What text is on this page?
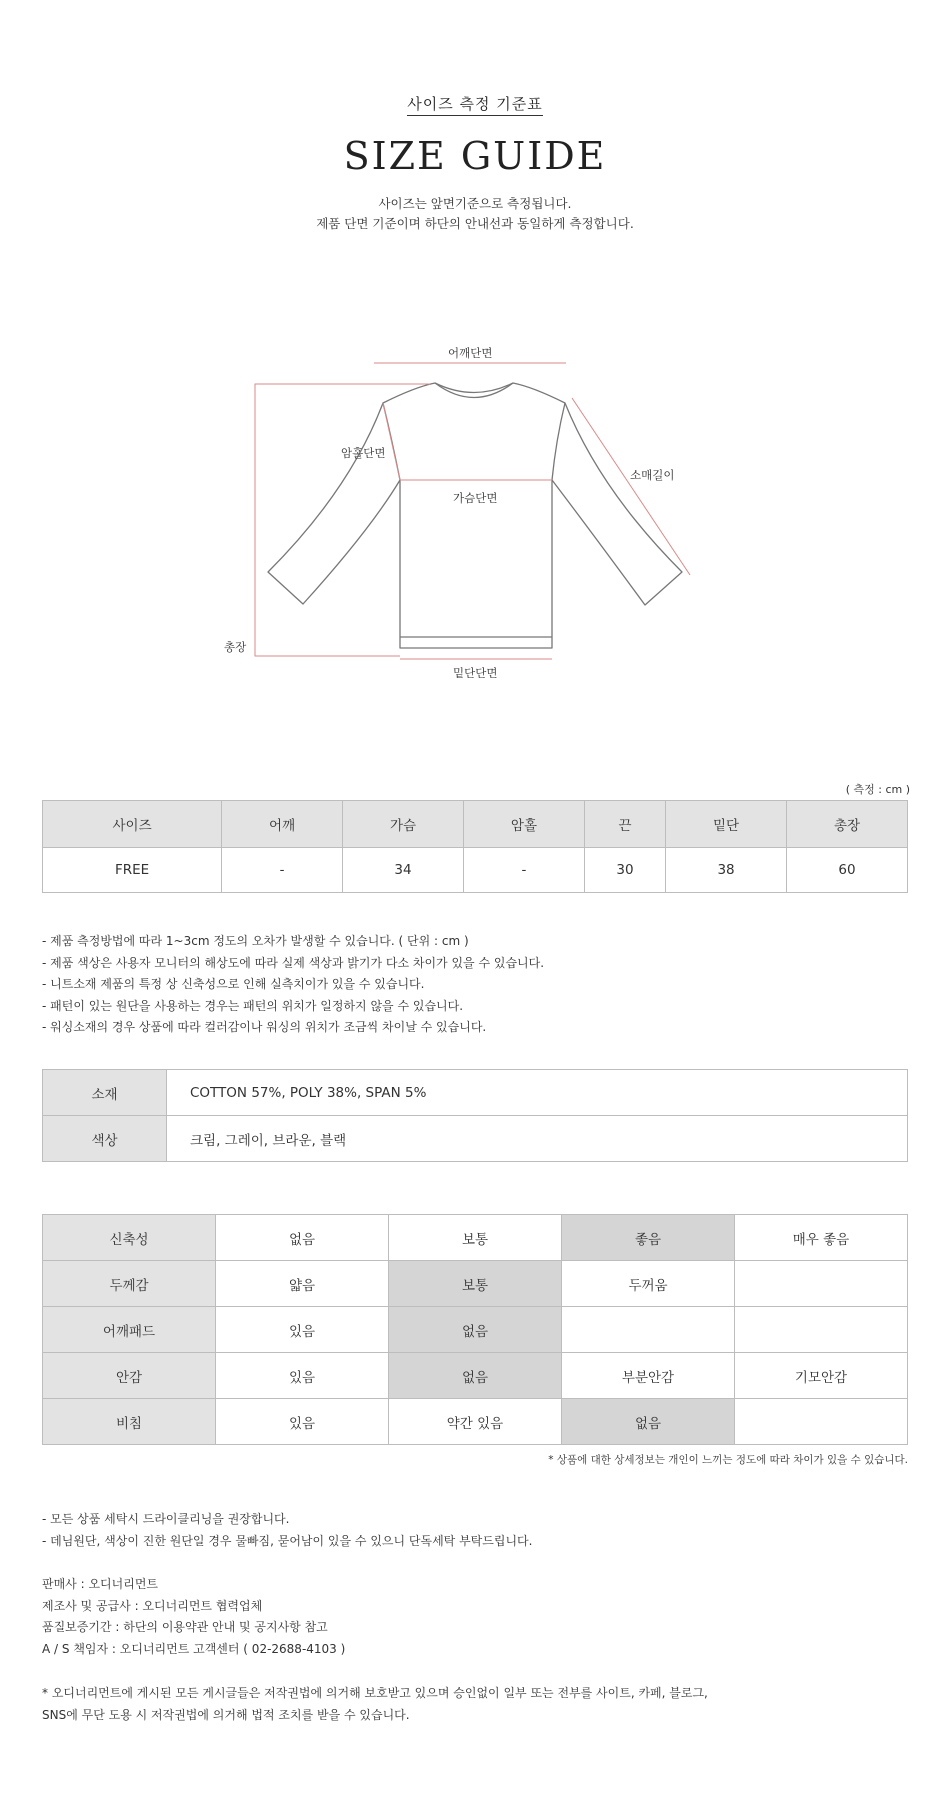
사이즈 측정 기준표
SIZE GUIDE
사이즈는 앞면기준으로 측정됩니다.
제품 단면 기준이며 하단의 안내선과 동일하게 측정합니다.
어깨단면
암홀단면
가슴단면
소매길이
총장
밑단단면
( 측정 : cm )
사이즈	어깨	가슴	암홀	끈	밑단	총장
FREE	-	34	-	30	38	60
- 제품 측정방법에 따라 1~3cm 정도의 오차가 발생할 수 있습니다. ( 단위 : cm )
- 제품 색상은 사용자 모니터의 해상도에 따라 실제 색상과 밝기가 다소 차이가 있을 수 있습니다.
- 니트소재 제품의 특정 상 신축성으로 인해 실측치이가 있을 수 있습니다.
- 패턴이 있는 원단을 사용하는 경우는 패턴의 위치가 일정하지 않을 수 있습니다.
- 워싱소재의 경우 상품에 따라 컬러감이나 워싱의 위치가 조금씩 차이날 수 있습니다.
소재	COTTON 57%, POLY 38%, SPAN 5%
색상	크림, 그레이, 브라운, 블랙
신축성	없음	보통	좋음	매우 좋음
두께감	얇음	보통	두꺼움	
어깨패드	있음	없음		
안감	있음	없음	부분안감	기모안감
비침	있음	약간 있음	없음	
* 상품에 대한 상세정보는 개인이 느끼는 정도에 따라 차이가 있을 수 있습니다.
- 모든 상품 세탁시 드라이클리닝을 권장합니다.
- 데님원단, 색상이 진한 원단일 경우 물빠짐, 묻어남이 있을 수 있으니 단독세탁 부탁드립니다.
판매사 : 오디너리먼트
제조사 및 공급사 : 오디너리먼트 협력업체
품질보증기간 : 하단의 이용약관 안내 및 공지사항 참고
A / S 책임자 : 오디너리먼트 고객센터 ( 02-2688-4103 )
* 오디너리먼트에 게시된 모든 게시글들은 저작권법에 의거해 보호받고 있으며 승인없이 일부 또는 전부를 사이트, 카페, 블로그,
SNS에 무단 도용 시 저작권법에 의거해 법적 조치를 받을 수 있습니다.
